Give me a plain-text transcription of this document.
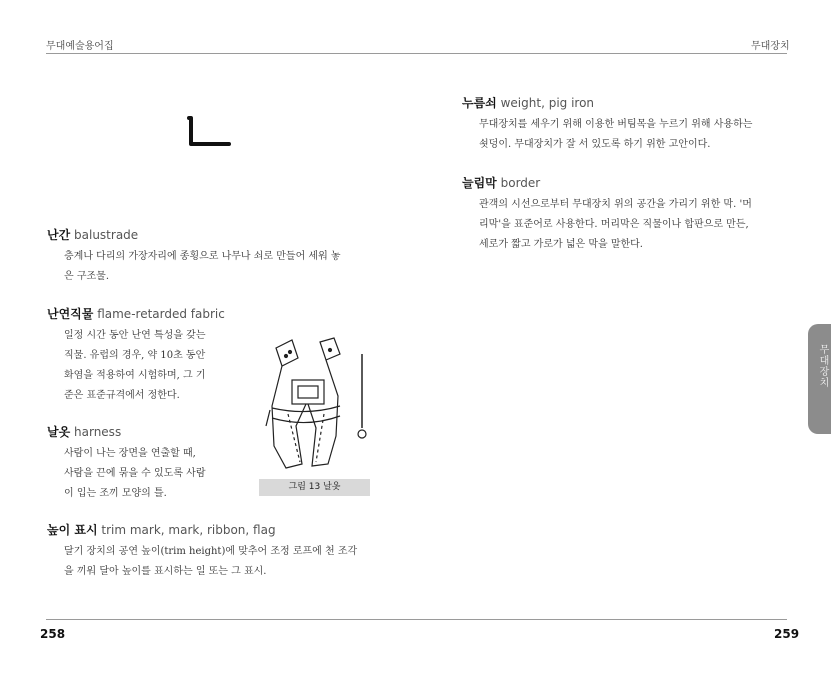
무대예술용어집	무대장치
난간 balustrade
층계나 다리의 가장자리에 종횡으로 나무나 쇠로 만들어 세워 놓
은 구조물.
난연직물 flame-retarded fabric
일정 시간 동안 난연 특성을 갖는
직물. 유럽의 경우, 약 10초 동안
화염을 적용하여 시험하며, 그 기
준은 표준규격에서 정한다.
날옷 harness
사람이 나는 장면을 연출할 때,
사람을 끈에 묶을 수 있도록 사람
이 입는 조끼 모양의 틀.
높이 표시 trim mark, mark, ribbon, flag
달기 장치의 공연 높이(trim height)에 맞추어 조정 로프에 천 조각
을 끼워 달아 높이를 표시하는 일 또는 그 표시.
그림 13 날옷
누름쇠 weight, pig iron
무대장치를 세우기 위해 이용한 버팀목을 누르기 위해 사용하는
쇳덩이. 무대장치가 잘 서 있도록 하기 위한 고안이다.
늘림막 border
관객의 시선으로부터 무대장치 위의 공간을 가리기 위한 막. '머
리막'을 표준어로 사용한다. 머리막은 직물이나 합판으로 만든,
세로가 짧고 가로가 넓은 막을 말한다.
무대장치
258	259
